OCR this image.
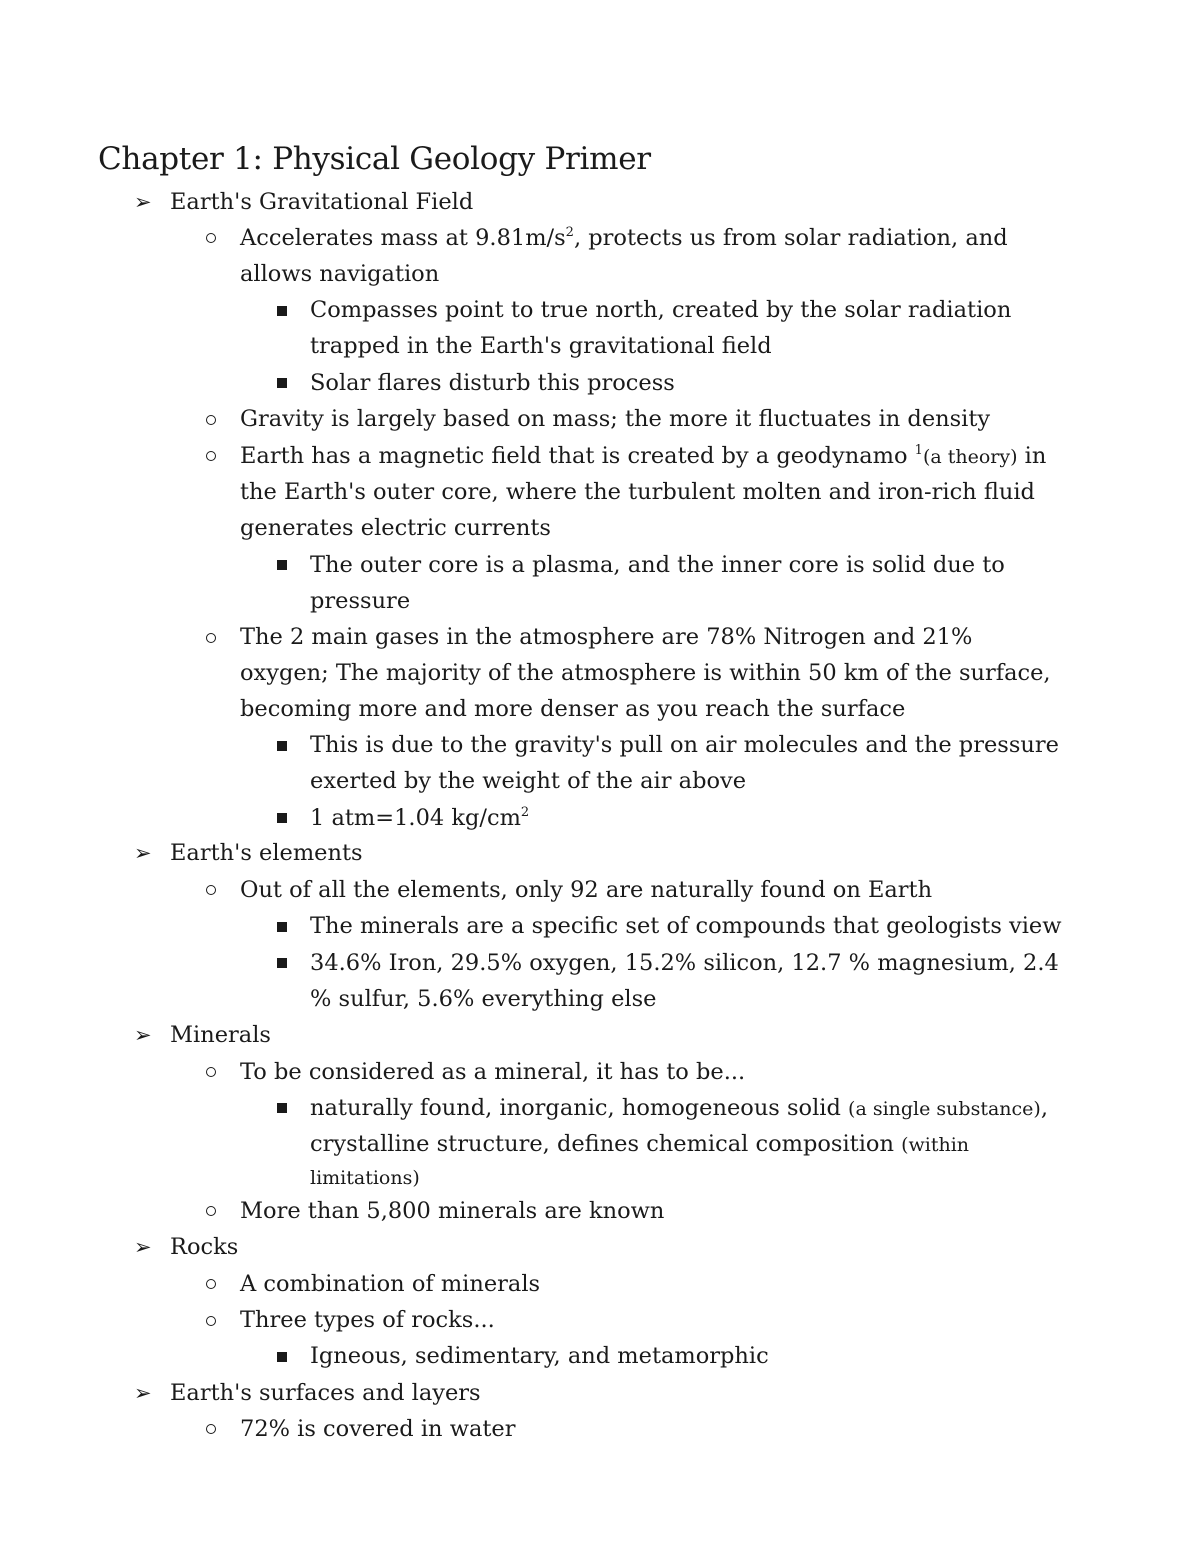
Chapter 1: Physical Geology Primer
➢ Earth's Gravitational Field
Accelerates mass at $9.81m/s^2$, protects us from solar radiation, and
allows navigation
Compasses point to true north, created by the solar radiation
trapped in the Earth's gravitational field
Solar flares disturb this process
Gravity is largely based on mass; the more it fluctuates in density
Earth has a magnetic field that is created by a geodynamo $^1$(a theory) in
the Earth's outer core, where the turbulent molten and iron-rich fluid
generates electric currents
The outer core is a plasma, and the inner core is solid due to
pressure
The 2 main gases in the atmosphere are 78% Nitrogen and 21%
oxygen; The majority of the atmosphere is within 50 km of the surface,
becoming more and more denser as you reach the surface
This is due to the gravity's pull on air molecules and the pressure
exerted by the weight of the air above
1 atm=1.04 $kg/cm^2$
➢ Earth's elements
Out of all the elements, only 92 are naturally found on Earth
The minerals are a specific set of compounds that geologists view
34.6% Iron, 29.5% oxygen, 15.2% silicon, 12.7 % magnesium, 2.4
% sulfur, 5.6% everything else
➢ Minerals
To be considered as a mineral, it has to be...
naturally found, inorganic, homogeneous solid (a single substance),
crystalline structure, defines chemical composition (within
limitations)
More than 5,800 minerals are known
➢ Rocks
A combination of minerals
Three types of rocks...
Igneous, sedimentary, and metamorphic
➢ Earth's surfaces and layers
72% is covered in water
